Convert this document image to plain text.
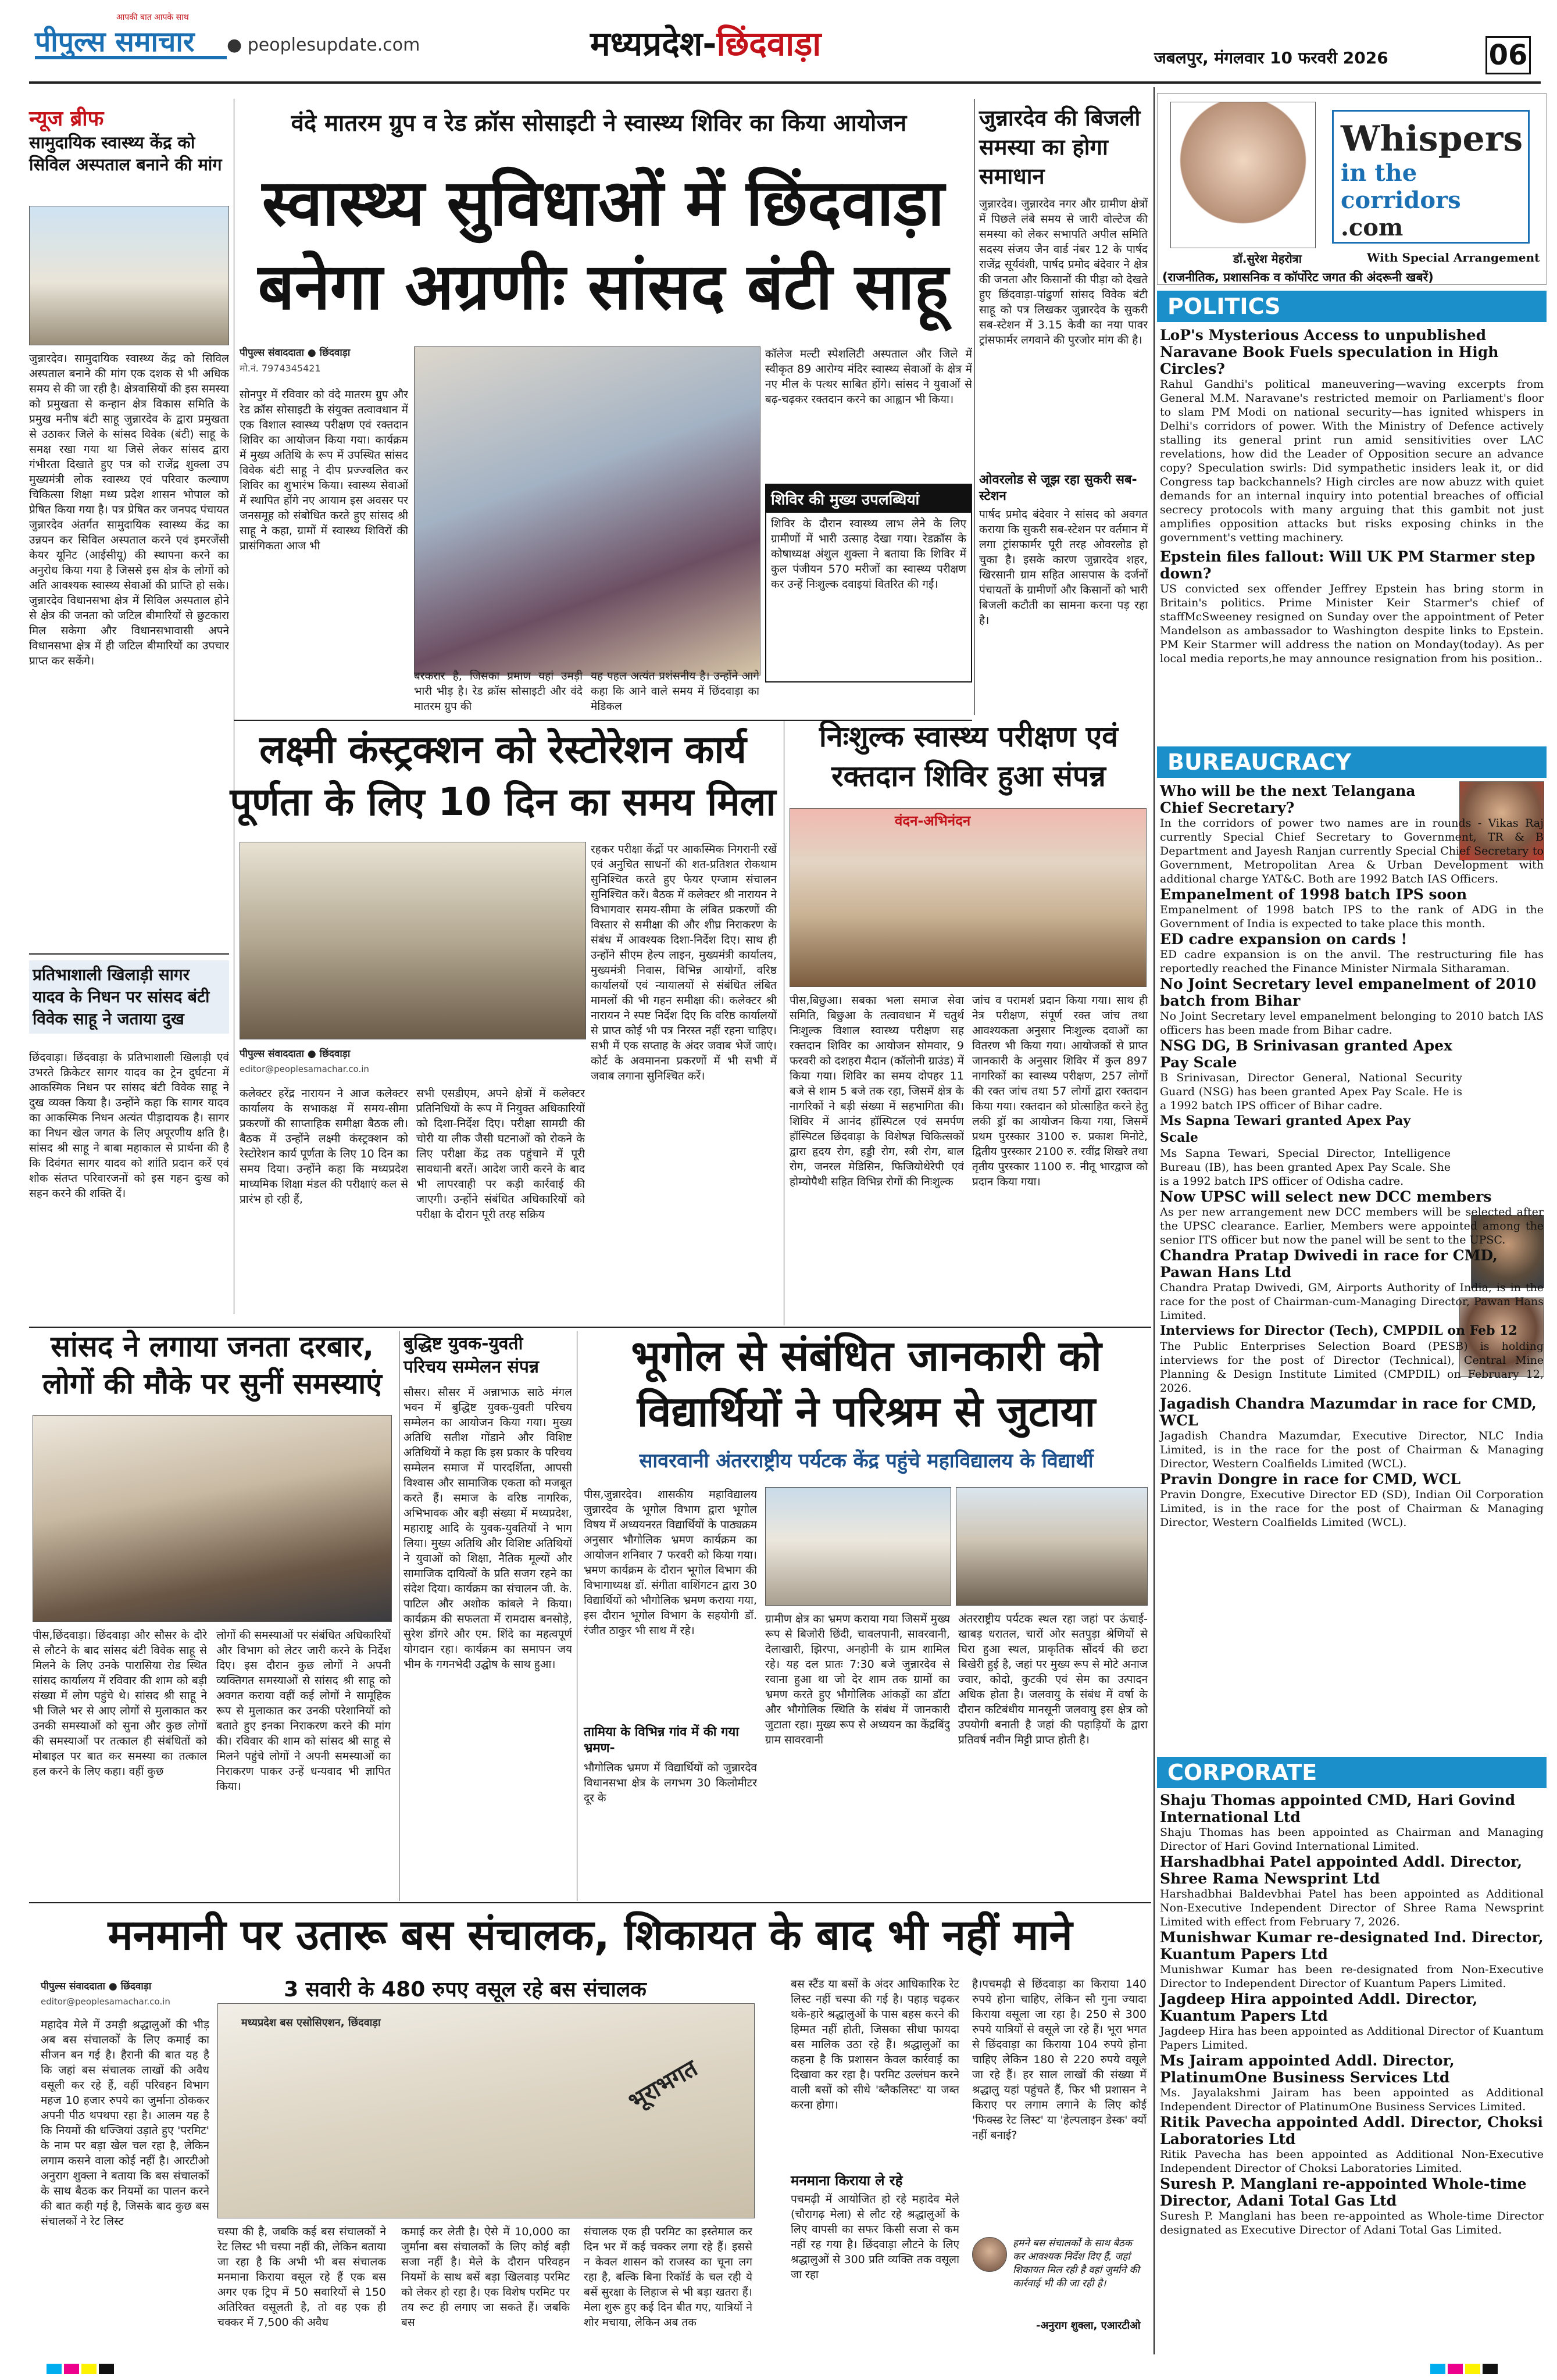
पीपुल्स समाचार
आपकी बात आपके साथ
● peoplesupdate.com	मध्यप्रदेश-छिंदवाड़ा	जबलपुर, मंगलवार 10 फरवरी 2026	06
न्यूज ब्रीफ
सामुदायिक स्वास्थ्य केंद्र को सिविल अस्पताल बनाने की मांग
जुन्नारदेव। सामुदायिक स्वास्थ्य केंद्र को सिविल अस्पताल बनाने की मांग एक दशक से भी अधिक समय से की जा रही है। क्षेत्रवासियों की इस समस्या को प्रमुखता से कन्हान क्षेत्र विकास समिति के प्रमुख मनीष बंटी साहू जुन्नारदेव के द्वारा प्रमुखता से उठाकर जिले के सांसद विवेक (बंटी) साहू के समक्ष रखा गया था जिसे लेकर सांसद द्वारा गंभीरता दिखाते हुए पत्र को राजेंद्र शुक्ला उप मुख्यमंत्री लोक स्वास्थ्य एवं परिवार कल्याण चिकित्सा शिक्षा मध्य प्रदेश शासन भोपाल को प्रेषित किया गया है। पत्र प्रेषित कर जनपद पंचायत जुन्नारदेव अंतर्गत सामुदायिक स्वास्थ्य केंद्र का उन्नयन कर सिविल अस्पताल करने एवं इमरजेंसी केयर यूनिट (आईसीयू) की स्थापना करने का अनुरोध किया गया है जिससे इस क्षेत्र के लोगों को अति आवश्यक स्वास्थ्य सेवाओं की प्राप्ति हो सके। जुन्नारदेव विधानसभा क्षेत्र में सिविल अस्पताल होने से क्षेत्र की जनता को जटिल बीमारियों से छुटकारा मिल सकेगा और विधानसभावासी अपने विधानसभा क्षेत्र में ही जटिल बीमारियों का उपचार प्राप्त कर सकेंगे।
प्रतिभाशाली खिलाड़ी सागर यादव के निधन पर सांसद बंटी विवेक साहू ने जताया दुख
छिंदवाड़ा। छिंदवाड़ा के प्रतिभाशाली खिलाड़ी एवं उभरते क्रिकेटर सागर यादव का ट्रेन दुर्घटना में आकस्मिक निधन पर सांसद बंटी विवेक साहू ने दुख व्यक्त किया है। उन्होंने कहा कि सागर यादव का आकस्मिक निधन अत्यंत पीड़ादायक है। सागर का निधन खेल जगत के लिए अपूरणीय क्षति है। सांसद श्री साहू ने बाबा महाकाल से प्रार्थना की है कि दिवंगत सागर यादव को शांति प्रदान करें एवं शोक संतप्त परिवारजनों को इस गहन दुःख को सहन करने की शक्ति दें।
वंदे मातरम ग्रुप व रेड क्रॉस सोसाइटी ने स्वास्थ्य शिविर का किया आयोजन
स्वास्थ्य सुविधाओं में छिंदवाड़ा
बनेगा अग्रणीः सांसद बंटी साहू
पीपुल्स संवाददाता ● छिंदवाड़ा
मो.नं. 7974345421
सोनपुर में रविवार को वंदे मातरम ग्रुप और रेड क्रॉस सोसाइटी के संयुक्त तत्वावधान में एक विशाल स्वास्थ्य परीक्षण एवं रक्तदान शिविर का आयोजन किया गया। कार्यक्रम में मुख्य अतिथि के रूप में उपस्थित सांसद विवेक बंटी साहू ने दीप प्रज्ज्वलित कर शिविर का शुभारंभ किया। स्वास्थ्य सेवाओं में स्थापित होंगे नए आयाम इस अवसर पर जनसमूह को संबोधित करते हुए सांसद श्री साहू ने कहा, ग्रामों में स्वास्थ्य शिविरों की प्रासंगिकता आज भी
बरकरार है, जिसका प्रमाण यहां उमड़ी भारी भीड़ है। रेड क्रॉस सोसाइटी और वंदे मातरम ग्रुप की
यह पहल अत्यंत प्रशंसनीय है। उन्होंने आगे कहा कि आने वाले समय में छिंदवाड़ा का मेडिकल
कॉलेज मल्टी स्पेशलिटी अस्पताल और जिले में स्वीकृत 89 आरोग्य मंदिर स्वास्थ्य सेवाओं के क्षेत्र में नए मील के पत्थर साबित होंगे। सांसद ने युवाओं से बढ़-चढ़कर रक्तदान करने का आह्वान भी किया।
शिविर की मुख्य उपलब्धियां
शिविर के दौरान स्वास्थ्य लाभ लेने के लिए ग्रामीणों में भारी उत्साह देखा गया। रेडक्रॉस के कोषाध्यक्ष अंशुल शुक्ला ने बताया कि शिविर में कुल पंजीयन 570 मरीजों का स्वास्थ्य परीक्षण कर उन्हें निःशुल्क दवाइयां वितरित की गईं।
जुन्नारदेव की बिजली समस्या का होगा समाधान
जुन्नारदेव। जुन्नारदेव नगर और ग्रामीण क्षेत्रों में पिछले लंबे समय से जारी वोल्टेज की समस्या को लेकर सभापति अपील समिति सदस्य संजय जैन वार्ड नंबर 12 के पार्षद राजेंद्र सूर्यवंशी, पार्षद प्रमोद बंदेवार ने क्षेत्र की जनता और किसानों की पीड़ा को देखते हुए छिंदवाड़ा-पांढुर्णा सांसद विवेक बंटी साहू को पत्र लिखकर जुन्नारदेव के सुकरी सब-स्टेशन में 3.15 केवी का नया पावर ट्रांसफार्मर लगवाने की पुरजोर मांग की है।
ओवरलोड से जूझ रहा सुकरी सब-स्टेशन
पार्षद प्रमोद बंदेवार ने सांसद को अवगत कराया कि सुकरी सब-स्टेशन पर वर्तमान में लगा ट्रांसफार्मर पूरी तरह ओवरलोड हो चुका है। इसके कारण जुन्नारदेव शहर, खिरसानी ग्राम सहित आसपास के दर्जनों पंचायतों के ग्रामीणों और किसानों को भारी बिजली कटौती का सामना करना पड़ रहा है।
Whispers
in the corridors
.com
डॉ.सुरेश मेहरोत्रा	With Special Arrangement
(राजनीतिक, प्रशासनिक व कॉर्पोरेट जगत की अंदरूनी खबरें)
POLITICS
LoP's Mysterious Access to unpublished Naravane Book Fuels speculation in High Circles?
Rahul Gandhi's political maneuvering—waving excerpts from General M.M. Naravane's restricted memoir on Parliament's floor to slam PM Modi on national security—has ignited whispers in Delhi's corridors of power. With the Ministry of Defence actively stalling its general print run amid sensitivities over LAC revelations, how did the Leader of Opposition secure an advance copy? Speculation swirls: Did sympathetic insiders leak it, or did Congress tap backchannels? High circles are now abuzz with quiet demands for an internal inquiry into potential breaches of official secrecy protocols with many arguing that this gambit not just amplifies opposition attacks but risks exposing chinks in the government's vetting machinery.
Epstein files fallout: Will UK PM Starmer step down?
US convicted sex offender Jeffrey Epstein has bring storm in Britain's politics. Prime Minister Keir Starmer's chief of staffMcSweeney resigned on Sunday over the appointment of Peter Mandelson as ambassador to Washington despite links to Epstein. PM Keir Starmer will address the nation on Monday(today). As per local media reports,he may announce resignation from his position..
BUREAUCRACY
Who will be the next Telangana Chief Secretary?
In the corridors of power two names are in rounds - Vikas Raj currently Special Chief Secretary to Government, TR & B Department and Jayesh Ranjan currently Special Chief Secretary to Government, Metropolitan Area & Urban Development with additional charge YAT&C. Both are 1992 Batch IAS Officers.
Empanelment of 1998 batch IPS soon
Empanelment of 1998 batch IPS to the rank of ADG in the Government of India is expected to take place this month.
ED cadre expansion on cards !
ED cadre expansion is on the anvil. The restructuring file has reportedly reached the Finance Minister Nirmala Sitharaman.
No Joint Secretary level empanelment of 2010 batch from Bihar
No Joint Secretary level empanelment belonging to 2010 batch IAS officers has been made from Bihar cadre.
NSG DG, B Srinivasan granted Apex Pay Scale
B Srinivasan, Director General, National Security Guard (NSG) has been granted Apex Pay Scale. He is a 1992 batch IPS officer of Bihar cadre.
Ms Sapna Tewari granted Apex Pay Scale
Ms Sapna Tewari, Special Director, Intelligence Bureau (IB), has been granted Apex Pay Scale. She is a 1992 batch IPS officer of Odisha cadre.
Now UPSC will select new DCC members
As per new arrangement new DCC members will be selected after the UPSC clearance. Earlier, Members were appointed among the senior ITS officer but now the panel will be sent to the UPSC.
Chandra Pratap Dwivedi in race for CMD, Pawan Hans Ltd
Chandra Pratap Dwivedi, GM, Airports Authority of India, is in the race for the post of Chairman-cum-Managing Director, Pawan Hans Limited.
Interviews for Director (Tech), CMPDIL on Feb 12
The Public Enterprises Selection Board (PESB) is holding interviews for the post of Director (Technical), Central Mine Planning & Design Institute Limited (CMPDIL) on February 12, 2026.
Jagadish Chandra Mazumdar in race for CMD, WCL
Jagadish Chandra Mazumdar, Executive Director, NLC India Limited, is in the race for the post of Chairman & Managing Director, Western Coalfields Limited (WCL).
Pravin Dongre in race for CMD, WCL
Pravin Dongre, Executive Director ED (SD), Indian Oil Corporation Limited, is in the race for the post of Chairman & Managing Director, Western Coalfields Limited (WCL).
CORPORATE
Shaju Thomas appointed CMD, Hari Govind International Ltd
Shaju Thomas has been appointed as Chairman and Managing Director of Hari Govind International Limited.
Harshadbhai Patel appointed Addl. Director, Shree Rama Newsprint Ltd
Harshadbhai Baldevbhai Patel has been appointed as Additional Non-Executive Independent Director of Shree Rama Newsprint Limited with effect from February 7, 2026.
Munishwar Kumar re-designated Ind. Director, Kuantum Papers Ltd
Munishwar Kumar has been re-designated from Non-Executive Director to Independent Director of Kuantum Papers Limited.
Jagdeep Hira appointed Addl. Director, Kuantum Papers Ltd
Jagdeep Hira has been appointed as Additional Director of Kuantum Papers Limited.
Ms Jairam appointed Addl. Director, PlatinumOne Business Services Ltd
Ms. Jayalakshmi Jairam has been appointed as Additional Independent Director of PlatinumOne Business Services Limited.
Ritik Pavecha appointed Addl. Director, Choksi Laboratories Ltd
Ritik Pavecha has been appointed as Additional Non-Executive Independent Director of Choksi Laboratories Limited.
Suresh P. Manglani re-appointed Whole-time Director, Adani Total Gas Ltd
Suresh P. Manglani has been re-appointed as Whole-time Director designated as Executive Director of Adani Total Gas Limited.
लक्ष्मी कंस्ट्रक्शन को रेस्टोरेशन कार्य
पूर्णता के लिए 10 दिन का समय मिला
पीपुल्स संवाददाता ● छिंदवाड़ा
editor@peoplesamachar.co.in
कलेक्टर हरेंद्र नारायन ने आज कलेक्टर कार्यालय के सभाकक्ष में समय-सीमा प्रकरणों की साप्ताहिक समीक्षा बैठक ली। बैठक में उन्होंने लक्ष्मी कंस्ट्रक्शन को रेस्टोरेशन कार्य पूर्णता के लिए 10 दिन का समय दिया। उन्होंने कहा कि मध्यप्रदेश माध्यमिक शिक्षा मंडल की परीक्षाएं कल से प्रारंभ हो रही हैं,
सभी एसडीएम, अपने क्षेत्रों में कलेक्टर प्रतिनिधियों के रूप में नियुक्त अधिकारियों को दिशा-निर्देश दिए। परीक्षा सामग्री की चोरी या लीक जैसी घटनाओं को रोकने के लिए परीक्षा केंद्र तक पहुंचाने में पूरी सावधानी बरतें। आदेश जारी करने के बाद भी लापरवाही पर कड़ी कार्रवाई की जाएगी। उन्होंने संबंधित अधिकारियों को परीक्षा के दौरान पूरी तरह सक्रिय
रहकर परीक्षा केंद्रों पर आकस्मिक निगरानी रखें एवं अनुचित साधनों की शत-प्रतिशत रोकथाम सुनिश्चित करते हुए फेयर एग्जाम संचालन सुनिश्चित करें। बैठक में कलेक्टर श्री नारायन ने विभागवार समय-सीमा के लंबित प्रकरणों की विस्तार से समीक्षा की और शीघ्र निराकरण के संबंध में आवश्यक दिशा-निर्देश दिए। साथ ही उन्होंने सीएम हेल्प लाइन, मुख्यमंत्री कार्यालय, मुख्यमंत्री निवास, विभिन्न आयोगों, वरिष्ठ कार्यालयों एवं न्यायालयों से संबंधित लंबित मामलों की भी गहन समीक्षा की। कलेक्टर श्री नारायन ने स्पष्ट निर्देश दिए कि वरिष्ठ कार्यालयों से प्राप्त कोई भी पत्र निरस्त नहीं रहना चाहिए। सभी में एक सप्ताह के अंदर जवाब भेजें जाएं। कोर्ट के अवमानना प्रकरणों में भी सभी में जवाब लगाना सुनिश्चित करें।
निःशुल्क स्वास्थ्य परीक्षण एवं
रक्तदान शिविर हुआ संपन्न
वंदन-अभिनंदन
पीस,बिछुआ। सबका भला समाज सेवा समिति, बिछुआ के तत्वावधान में चतुर्थ निःशुल्क विशाल स्वास्थ्य परीक्षण सह रक्तदान शिविर का आयोजन सोमवार, 9 फरवरी को दशहरा मैदान (कॉलोनी ग्राउंड) में किया गया। शिविर का समय दोपहर 11 बजे से शाम 5 बजे तक रहा, जिसमें क्षेत्र के नागरिकों ने बड़ी संख्या में सहभागिता की। शिविर में आनंद हॉस्पिटल एवं समर्पण हॉस्पिटल छिंदवाड़ा के विशेषज्ञ चिकित्सकों द्वारा हृदय रोग, हड्डी रोग, स्त्री रोग, बाल रोग, जनरल मेडिसिन, फिजियोथेरेपी एवं होम्योपैथी सहित विभिन्न रोगों की निःशुल्क
जांच व परामर्श प्रदान किया गया। साथ ही नेत्र परीक्षण, संपूर्ण रक्त जांच तथा आवश्यकता अनुसार निःशुल्क दवाओं का वितरण भी किया गया। आयोजकों से प्राप्त जानकारी के अनुसार शिविर में कुल 897 नागरिकों का स्वास्थ्य परीक्षण, 257 लोगों की रक्त जांच तथा 57 लोगों द्वारा रक्तदान किया गया। रक्तदान को प्रोत्साहित करने हेतु लकी ड्रॉ का आयोजन किया गया, जिसमें प्रथम पुरस्कार 3100 रु. प्रकाश मिनोटे, द्वितीय पुरस्कार 2100 रु. रवींद्र शिखरे तथा तृतीय पुरस्कार 1100 रु. नीतू भारद्वाज को प्रदान किया गया।
सांसद ने लगाया जनता दरबार,
लोगों की मौके पर सुनीं समस्याएं
पीस,छिंदवाड़ा। छिंदवाड़ा और सौसर के दौरे से लौटने के बाद सांसद बंटी विवेक साहू से मिलने के लिए उनके पारासिया रोड स्थित सांसद कार्यालय में रविवार की शाम को बड़ी संख्या में लोग पहुंचे थे। सांसद श्री साहू ने भी जिले भर से आए लोगों से मुलाकात कर उनकी समस्याओं को सुना और कुछ लोगों की समस्याओं पर तत्काल ही संबंधितों को मोबाइल पर बात कर समस्या का तत्काल हल करने के लिए कहा। वहीं कुछ
लोगों की समस्याओं पर संबंधित अधिकारियों और विभाग को लेटर जारी करने के निर्देश दिए। इस दौरान कुछ लोगों ने अपनी व्यक्तिगत समस्याओं से सांसद श्री साहू को अवगत कराया वहीं कई लोगों ने सामूहिक रूप से मुलाकात कर उनकी परेशानियों को बताते हुए इनका निराकरण करने की मांग की। रविवार की शाम को सांसद श्री साहू से मिलने पहुंचे लोगों ने अपनी समस्याओं का निराकरण पाकर उन्हें धन्यवाद भी ज्ञापित किया।
बुद्धिष्ट युवक-युवती
परिचय सम्मेलन संपन्न
सौसर। सौसर में अन्नाभाऊ साठे मंगल भवन में बुद्धिष्ट युवक-युवती परिचय सम्मेलन का आयोजन किया गया। मुख्य अतिथि सतीश गोंडाने और विशिष्ट अतिथियों ने कहा कि इस प्रकार के परिचय सम्मेलन समाज में पारदर्शिता, आपसी विश्वास और सामाजिक एकता को मजबूत करते हैं। समाज के वरिष्ठ नागरिक, अभिभावक और बड़ी संख्या में मध्यप्रदेश, महाराष्ट्र आदि के युवक-युवतियों ने भाग लिया। मुख्य अतिथि और विशिष्ट अतिथियों ने युवाओं को शिक्षा, नैतिक मूल्यों और सामाजिक दायित्वों के प्रति सजग रहने का संदेश दिया। कार्यक्रम का संचालन जी. के. पाटिल और अशोक कांबले ने किया। कार्यक्रम की सफलता में रामदास बनसोड़े, सुरेश डोंगरे और एम. शिंदे का महत्वपूर्ण योगदान रहा। कार्यक्रम का समापन जय भीम के गगनभेदी उद्घोष के साथ हुआ।
भूगोल से संबंधित जानकारी को
विद्यार्थियों ने परिश्रम से जुटाया
सावरवानी अंतरराष्ट्रीय पर्यटक केंद्र पहुंचे महाविद्यालय के विद्यार्थी
पीस,जुन्नारदेव। शासकीय महाविद्यालय जुन्नारदेव के भूगोल विभाग द्वारा भूगोल विषय में अध्ययनरत विद्यार्थियों के पाठ्यक्रम अनुसार भौगोलिक भ्रमण कार्यक्रम का आयोजन शनिवार 7 फरवरी को किया गया। भ्रमण कार्यक्रम के दौरान भूगोल विभाग की विभागाध्यक्ष डॉ. संगीता वाशिंगटन द्वारा 30 विद्यार्थियों को भौगोलिक भ्रमण कराया गया, इस दौरान भूगोल विभाग के सहयोगी डॉ. रंजीत ठाकुर भी साथ में रहे।
तामिया के विभिन्न गांव में की गया भ्रमण-
भौगोलिक भ्रमण में विद्यार्थियों को जुन्नारदेव विधानसभा क्षेत्र के लगभग 30 किलोमीटर दूर के
ग्रामीण क्षेत्र का भ्रमण कराया गया जिसमें मुख्य रूप से बिजोरी छिंदी, चावलपानी, सावरवानी, देलाखारी, झिरपा, अनहोनी के ग्राम शामिल रहे। यह दल प्रातः 7:30 बजे जुन्नारदेव से रवाना हुआ था जो देर शाम तक ग्रामों का भ्रमण करते हुए भौगोलिक आंकड़ों का डॉटा और भौगोलिक स्थिति के संबंध में जानकारी जुटाता रहा। मुख्य रूप से अध्ययन का केंद्रबिंदु ग्राम सावरवानी
अंतरराष्ट्रीय पर्यटक स्थल रहा जहां पर ऊंचाई-खाबड़ धरातल, चारों ओर सतपुड़ा श्रेणियों से घिरा हुआ स्थल, प्राकृतिक सौंदर्य की छटा बिखेरी हुई है, जहां पर मुख्य रूप से मोटे अनाज ज्वार, कोदो, कुटकी एवं सेम का उत्पादन अधिक होता है। जलवायु के संबंध में वर्षा के दौरान कटिबंधीय मानसूनी जलवायु इस क्षेत्र को उपयोगी बनाती है जहां की पहाड़ियों के द्वारा प्रतिवर्ष नवीन मिट्टी प्राप्त होती है।
मनमानी पर उतारू बस संचालक, शिकायत के बाद भी नहीं माने
3 सवारी के 480 रुपए वसूल रहे बस संचालक
पीपुल्स संवाददाता ● छिंदवाड़ा
editor@peoplesamachar.co.in
महादेव मेले में उमड़ी श्रद्धालुओं की भीड़ अब बस संचालकों के लिए कमाई का सीजन बन गई है। हैरानी की बात यह है कि जहां बस संचालक लाखों की अवैध वसूली कर रहे हैं, वहीं परिवहन विभाग महज 10 हजार रुपये का जुर्माना ठोककर अपनी पीठ थपथपा रहा है। आलम यह है कि नियमों की धज्जियां उड़ाते हुए 'परमिट' के नाम पर बड़ा खेल चल रहा है, लेकिन लगाम कसने वाला कोई नहीं है। आरटीओ अनुराग शुक्ला ने बताया कि बस संचालकों के साथ बैठक कर नियमों का पालन करने की बात कही गई है, जिसके बाद कुछ बस संचालकों ने रेट लिस्ट
मध्यप्रदेश बस एसोसिएशन, छिंदवाड़ा
भूराभगत
चस्पा की है, जबकि कई बस संचालकों ने रेट लिस्ट भी चस्पा नहीं की, लेकिन बताया जा रहा है कि अभी भी बस संचालक मनमाना किराया वसूल रहे हैं एक बस अगर एक ट्रिप में 50 सवारियों से 150 अतिरिक्त वसूलती है, तो वह एक ही चक्कर में 7,500 की अवैध
कमाई कर लेती है। ऐसे में 10,000 का जुर्माना बस संचालकों के लिए कोई बड़ी सजा नहीं है। मेले के दौरान परिवहन नियमों के साथ बसें बड़ा खिलवाड़ परमिट को लेकर हो रहा है। एक विशेष परमिट पर तय रूट ही लगाए जा सकते हैं। जबकि बस
संचालक एक ही परमिट का इस्तेमाल कर दिन भर में कई चक्कर लगा रहे हैं। इससे न केवल शासन को राजस्व का चूना लग रहा है, बल्कि बिना रिकॉर्ड के चल रही ये बसें सुरक्षा के लिहाज से भी बड़ा खतरा हैं। मेला शुरू हुए कई दिन बीत गए, यात्रियों ने शोर मचाया, लेकिन अब तक
बस स्टैंड या बसों के अंदर आधिकारिक रेट लिस्ट नहीं चस्पा की गई है। पहाड़ चढ़कर थके-हारे श्रद्धालुओं के पास बहस करने की हिम्मत नहीं होती, जिसका सीधा फायदा बस मालिक उठा रहे हैं। श्रद्धालुओं का कहना है कि प्रशासन केवल कार्रवाई का दिखावा कर रहा है। परमिट उल्लंघन करने वाली बसों को सीधे 'ब्लैकलिस्ट' या जब्त करना होगा।
मनमाना किराया ले रहे
पचमढ़ी में आयोजित हो रहे महादेव मेले (चौरागढ़ मेला) से लौट रहे श्रद्धालुओं के लिए वापसी का सफर किसी सजा से कम नहीं रह गया है। छिंदवाड़ा लौटने के लिए श्रद्धालुओं से 300 प्रति व्यक्ति तक वसूला जा रहा
है।पचमढ़ी से छिंदवाड़ा का किराया 140 रुपये होना चाहिए, लेकिन सौ गुना ज्यादा किराया वसूला जा रहा है। 250 से 300 रुपये यात्रियों से वसूले जा रहे हैं। भूरा भगत से छिंदवाड़ा का किराया 104 रुपये होना चाहिए लेकिन 180 से 220 रुपये वसूले जा रहे हैं। हर साल लाखों की संख्या में श्रद्धालु यहां पहुंचते हैं, फिर भी प्रशासन ने किराए पर लगाम लगाने के लिए कोई 'फिक्स्ड रेट लिस्ट' या 'हेल्पलाइन डेस्क' क्यों नहीं बनाई?
हमने बस संचालकों के साथ बैठक कर आवश्यक निर्देश दिए हैं, जहां शिकायत मिल रही है वहां जुर्माने की कार्रवाई भी की जा रही है।
-अनुराग शुक्ला, एआरटीओ
